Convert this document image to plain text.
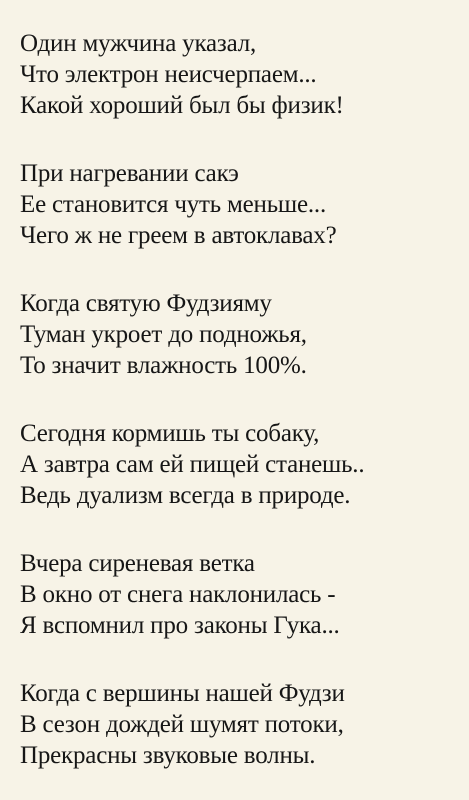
Один мужчина указал,
Что электрон неисчерпаем...
Какой хороший был бы физик!
При нагревании сакэ
Ее становится чуть меньше...
Чего ж не греем в автоклавах?
Когда святую Фудзияму
Туман укроет до подножья,
То значит влажность 100%.
Сегодня кормишь ты собаку,
А завтра сам ей пищей станешь..
Ведь дуализм всегда в природе.
Вчера сиреневая ветка
В окно от снега наклонилась -
Я вспомнил про законы Гука...
Когда с вершины нашей Фудзи
В сезон дождей шумят потоки,
Прекрасны звуковые волны.
